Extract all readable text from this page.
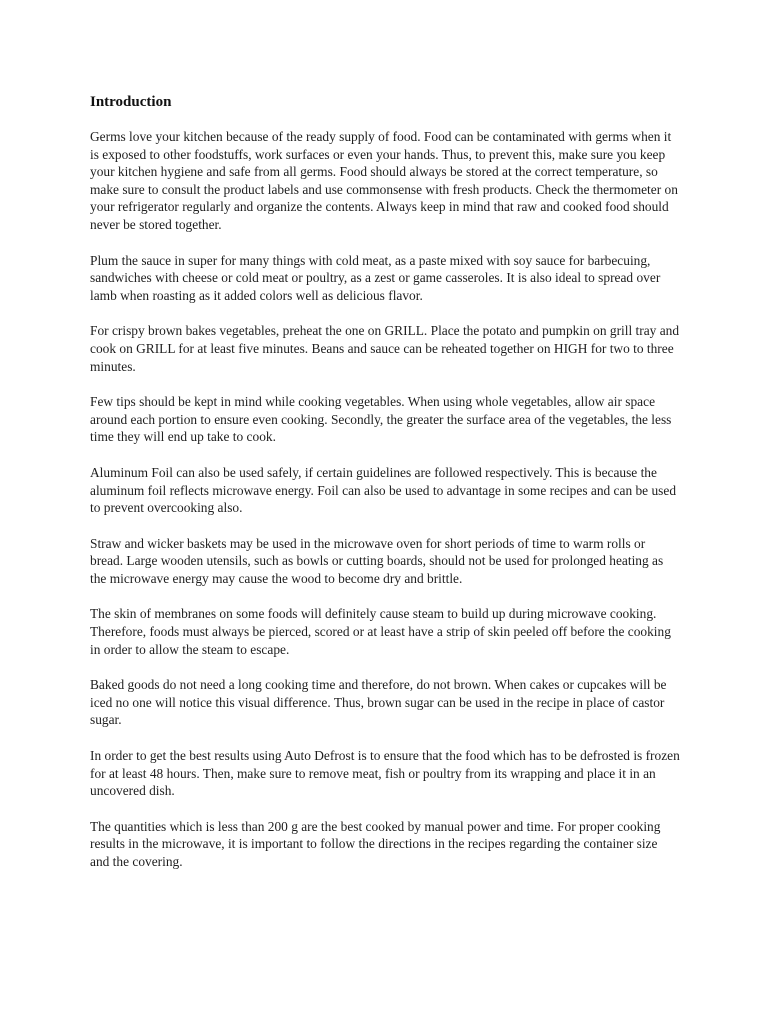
Introduction

Germs love your kitchen because of the ready supply of food. Food can be contaminated with germs when it is exposed to other foodstuffs, work surfaces or even your hands. Thus, to prevent this, make sure you keep your kitchen hygiene and safe from all germs. Food should always be stored at the correct temperature, so make sure to consult the product labels and use commonsense with fresh products. Check the thermometer on your refrigerator regularly and organize the contents. Always keep in mind that raw and cooked food should never be stored together.

Plum the sauce in super for many things with cold meat, as a paste mixed with soy sauce for barbecuing, sandwiches with cheese or cold meat or poultry, as a zest or game casseroles. It is also ideal to spread over lamb when roasting as it added colors well as delicious flavor.

For crispy brown bakes vegetables, preheat the one on GRILL. Place the potato and pumpkin on grill tray and cook on GRILL for at least five minutes. Beans and sauce can be reheated together on HIGH for two to three minutes.

Few tips should be kept in mind while cooking vegetables. When using whole vegetables, allow air space around each portion to ensure even cooking. Secondly, the greater the surface area of the vegetables, the less time they will end up take to cook.

Aluminum Foil can also be used safely, if certain guidelines are followed respectively. This is because the aluminum foil reflects microwave energy. Foil can also be used to advantage in some recipes and can be used to prevent overcooking also.

Straw and wicker baskets may be used in the microwave oven for short periods of time to warm rolls or bread. Large wooden utensils, such as bowls or cutting boards, should not be used for prolonged heating as the microwave energy may cause the wood to become dry and brittle.

The skin of membranes on some foods will definitely cause steam to build up during microwave cooking. Therefore, foods must always be pierced, scored or at least have a strip of skin peeled off before the cooking in order to allow the steam to escape.

Baked goods do not need a long cooking time and therefore, do not brown. When cakes or cupcakes will be iced no one will notice this visual difference. Thus, brown sugar can be used in the recipe in place of castor sugar.

In order to get the best results using Auto Defrost is to ensure that the food which has to be defrosted is frozen for at least 48 hours. Then, make sure to remove meat, fish or poultry from its wrapping and place it in an uncovered dish.

The quantities which is less than 200 g are the best cooked by manual power and time. For proper cooking results in the microwave, it is important to follow the directions in the recipes regarding the container size and the covering.
